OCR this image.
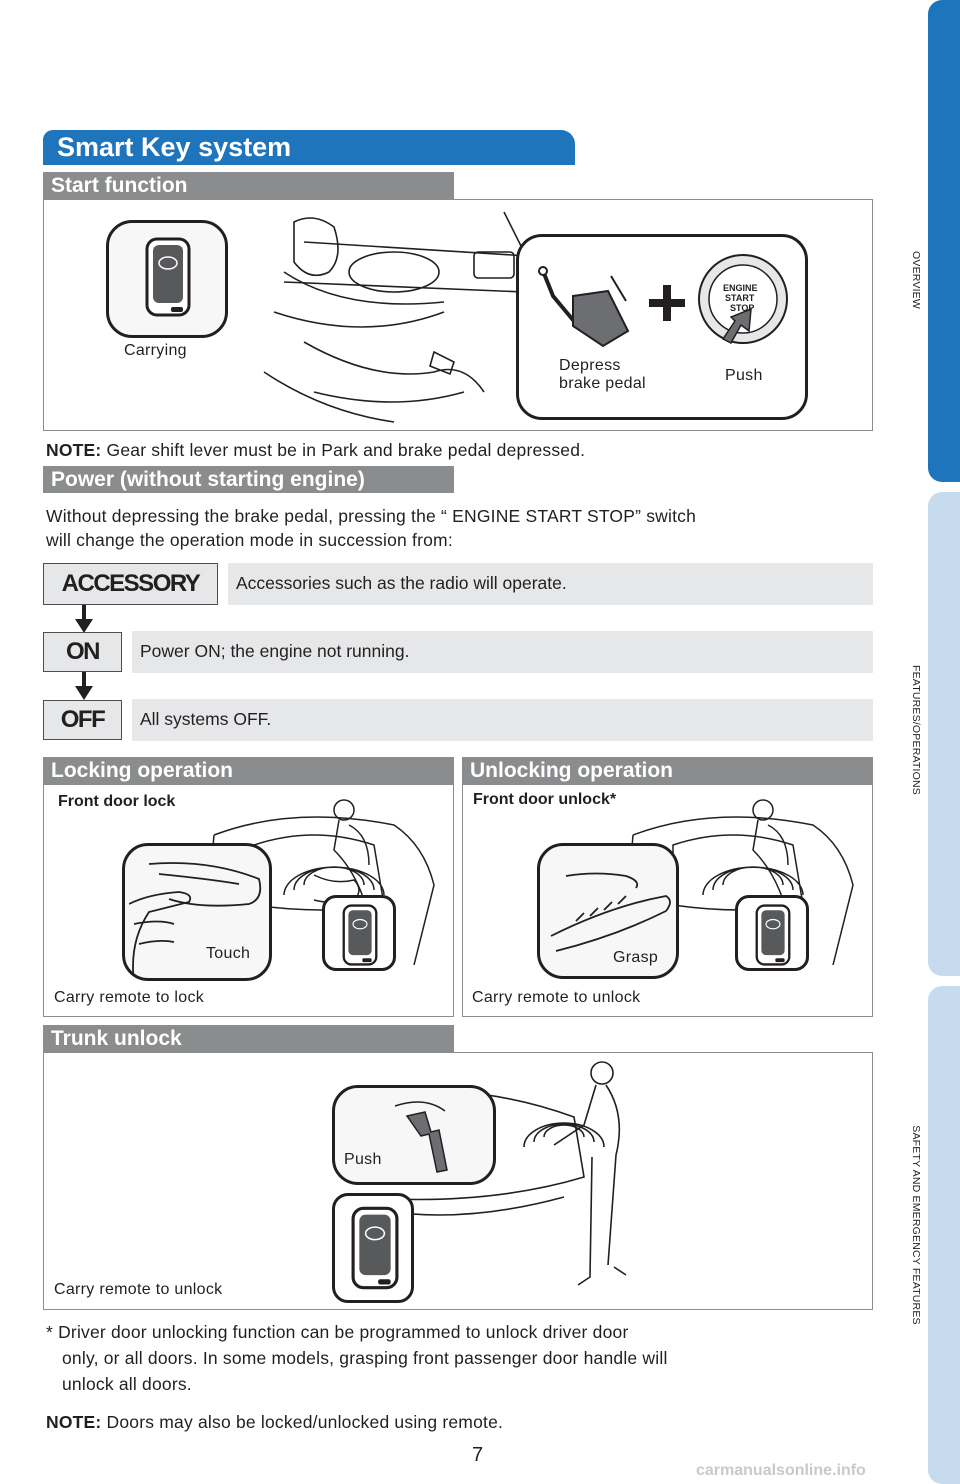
OVERVIEW
FEATURES/OPERATIONS
SAFETY AND EMERGENCY FEATURES
Smart Key system
Start function
Carrying
ENGINE
START
STOP
Depress
brake pedal	Push
NOTE: Gear shift lever must be in Park and brake pedal depressed.
Power (without starting engine)
Without depressing the brake pedal, pressing the “ ENGINE START STOP” switch
will change the operation mode in succession from:
ACCESSORY	Accessories such as the radio will operate.
ON	Power ON; the engine not running.
OFF	All systems OFF.
Locking operation
Front door lock
Touch
Carry remote to lock
Unlocking operation
Front door unlock*
Grasp
Carry remote to unlock
Trunk unlock
Push
Carry remote to unlock
* Driver door unlocking function can be programmed to unlock driver door
only, or all doors. In some models, grasping front passenger door handle will
unlock all doors.
NOTE: Doors may also be locked/unlocked using remote.
7
carmanualsonline.info
